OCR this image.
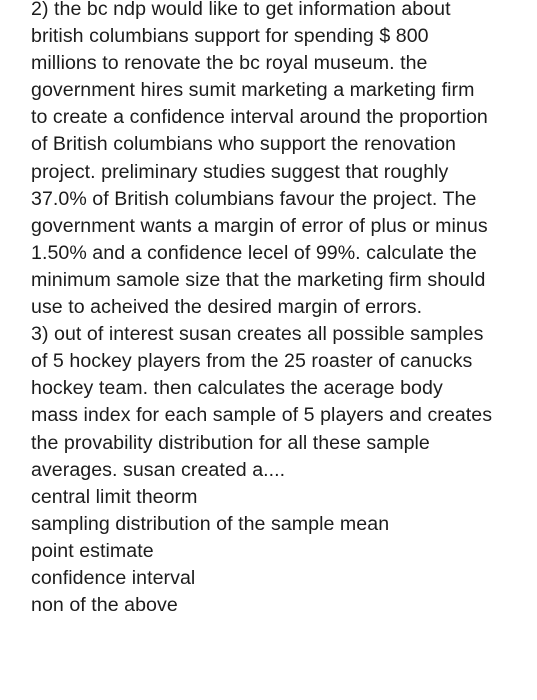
2) the bc ndp would like to get information about
british columbians support for spending $ 800
millions to renovate the bc royal museum. the
government hires sumit marketing a marketing firm
to create a confidence interval around the proportion
of British columbians who support the renovation
project. preliminary studies suggest that roughly
37.0% of British columbians favour the project. The
government wants a margin of error of plus or minus
1.50% and a confidence lecel of 99%. calculate the
minimum samole size that the marketing firm should
use to acheived the desired margin of errors.
3) out of interest susan creates all possible samples
of 5 hockey players from the 25 roaster of canucks
hockey team. then calculates the acerage body
mass index for each sample of 5 players and creates
the provability distribution for all these sample
averages. susan created a....
central limit theorm
sampling distribution of the sample mean
point estimate
confidence interval
non of the above
